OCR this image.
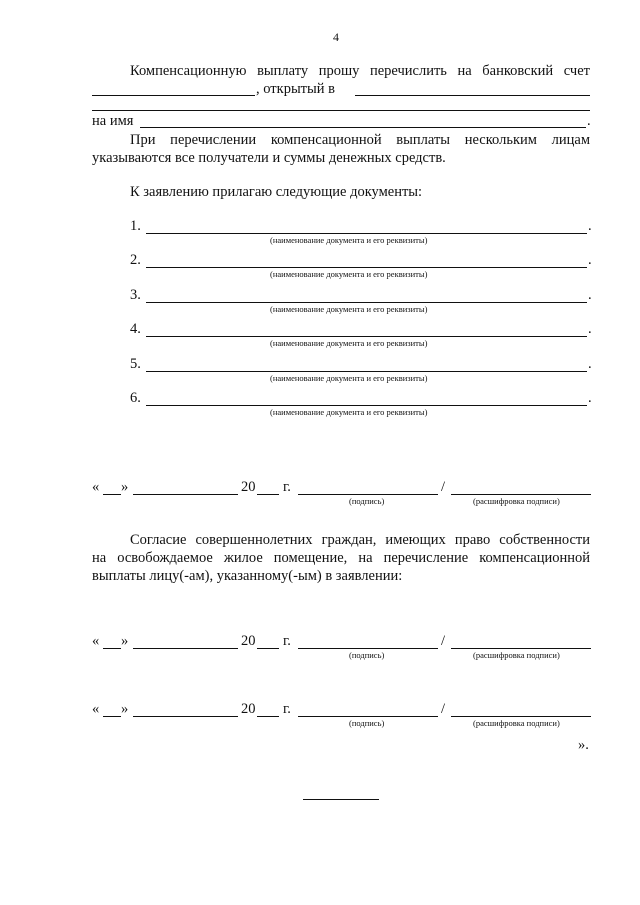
4
Компенсационную выплату прошу перечислить на банковский счет
, открытый в
на имя	.
При перечислении компенсационной выплаты нескольким лицам
указываются все получатели и суммы денежных средств.
К заявлению прилагаю следующие документы:
1.	.
(наименование документа и его реквизиты)
2.	.
(наименование документа и его реквизиты)
3.	.
(наименование документа и его реквизиты)
4.	.
(наименование документа и его реквизиты)
5.	.
(наименование документа и его реквизиты)
6.	.
(наименование документа и его реквизиты)
« »	20 г.	/
(подпись)	(расшифровка подписи)
Согласие совершеннолетних граждан, имеющих право собственности
на освобождаемое жилое помещение, на перечисление компенсационной
выплаты лицу(-ам), указанному(-ым) в заявлении:
« »	20 г.	/
(подпись)	(расшифровка подписи)
« »	20 г.	/
(подпись)	(расшифровка подписи)
».
